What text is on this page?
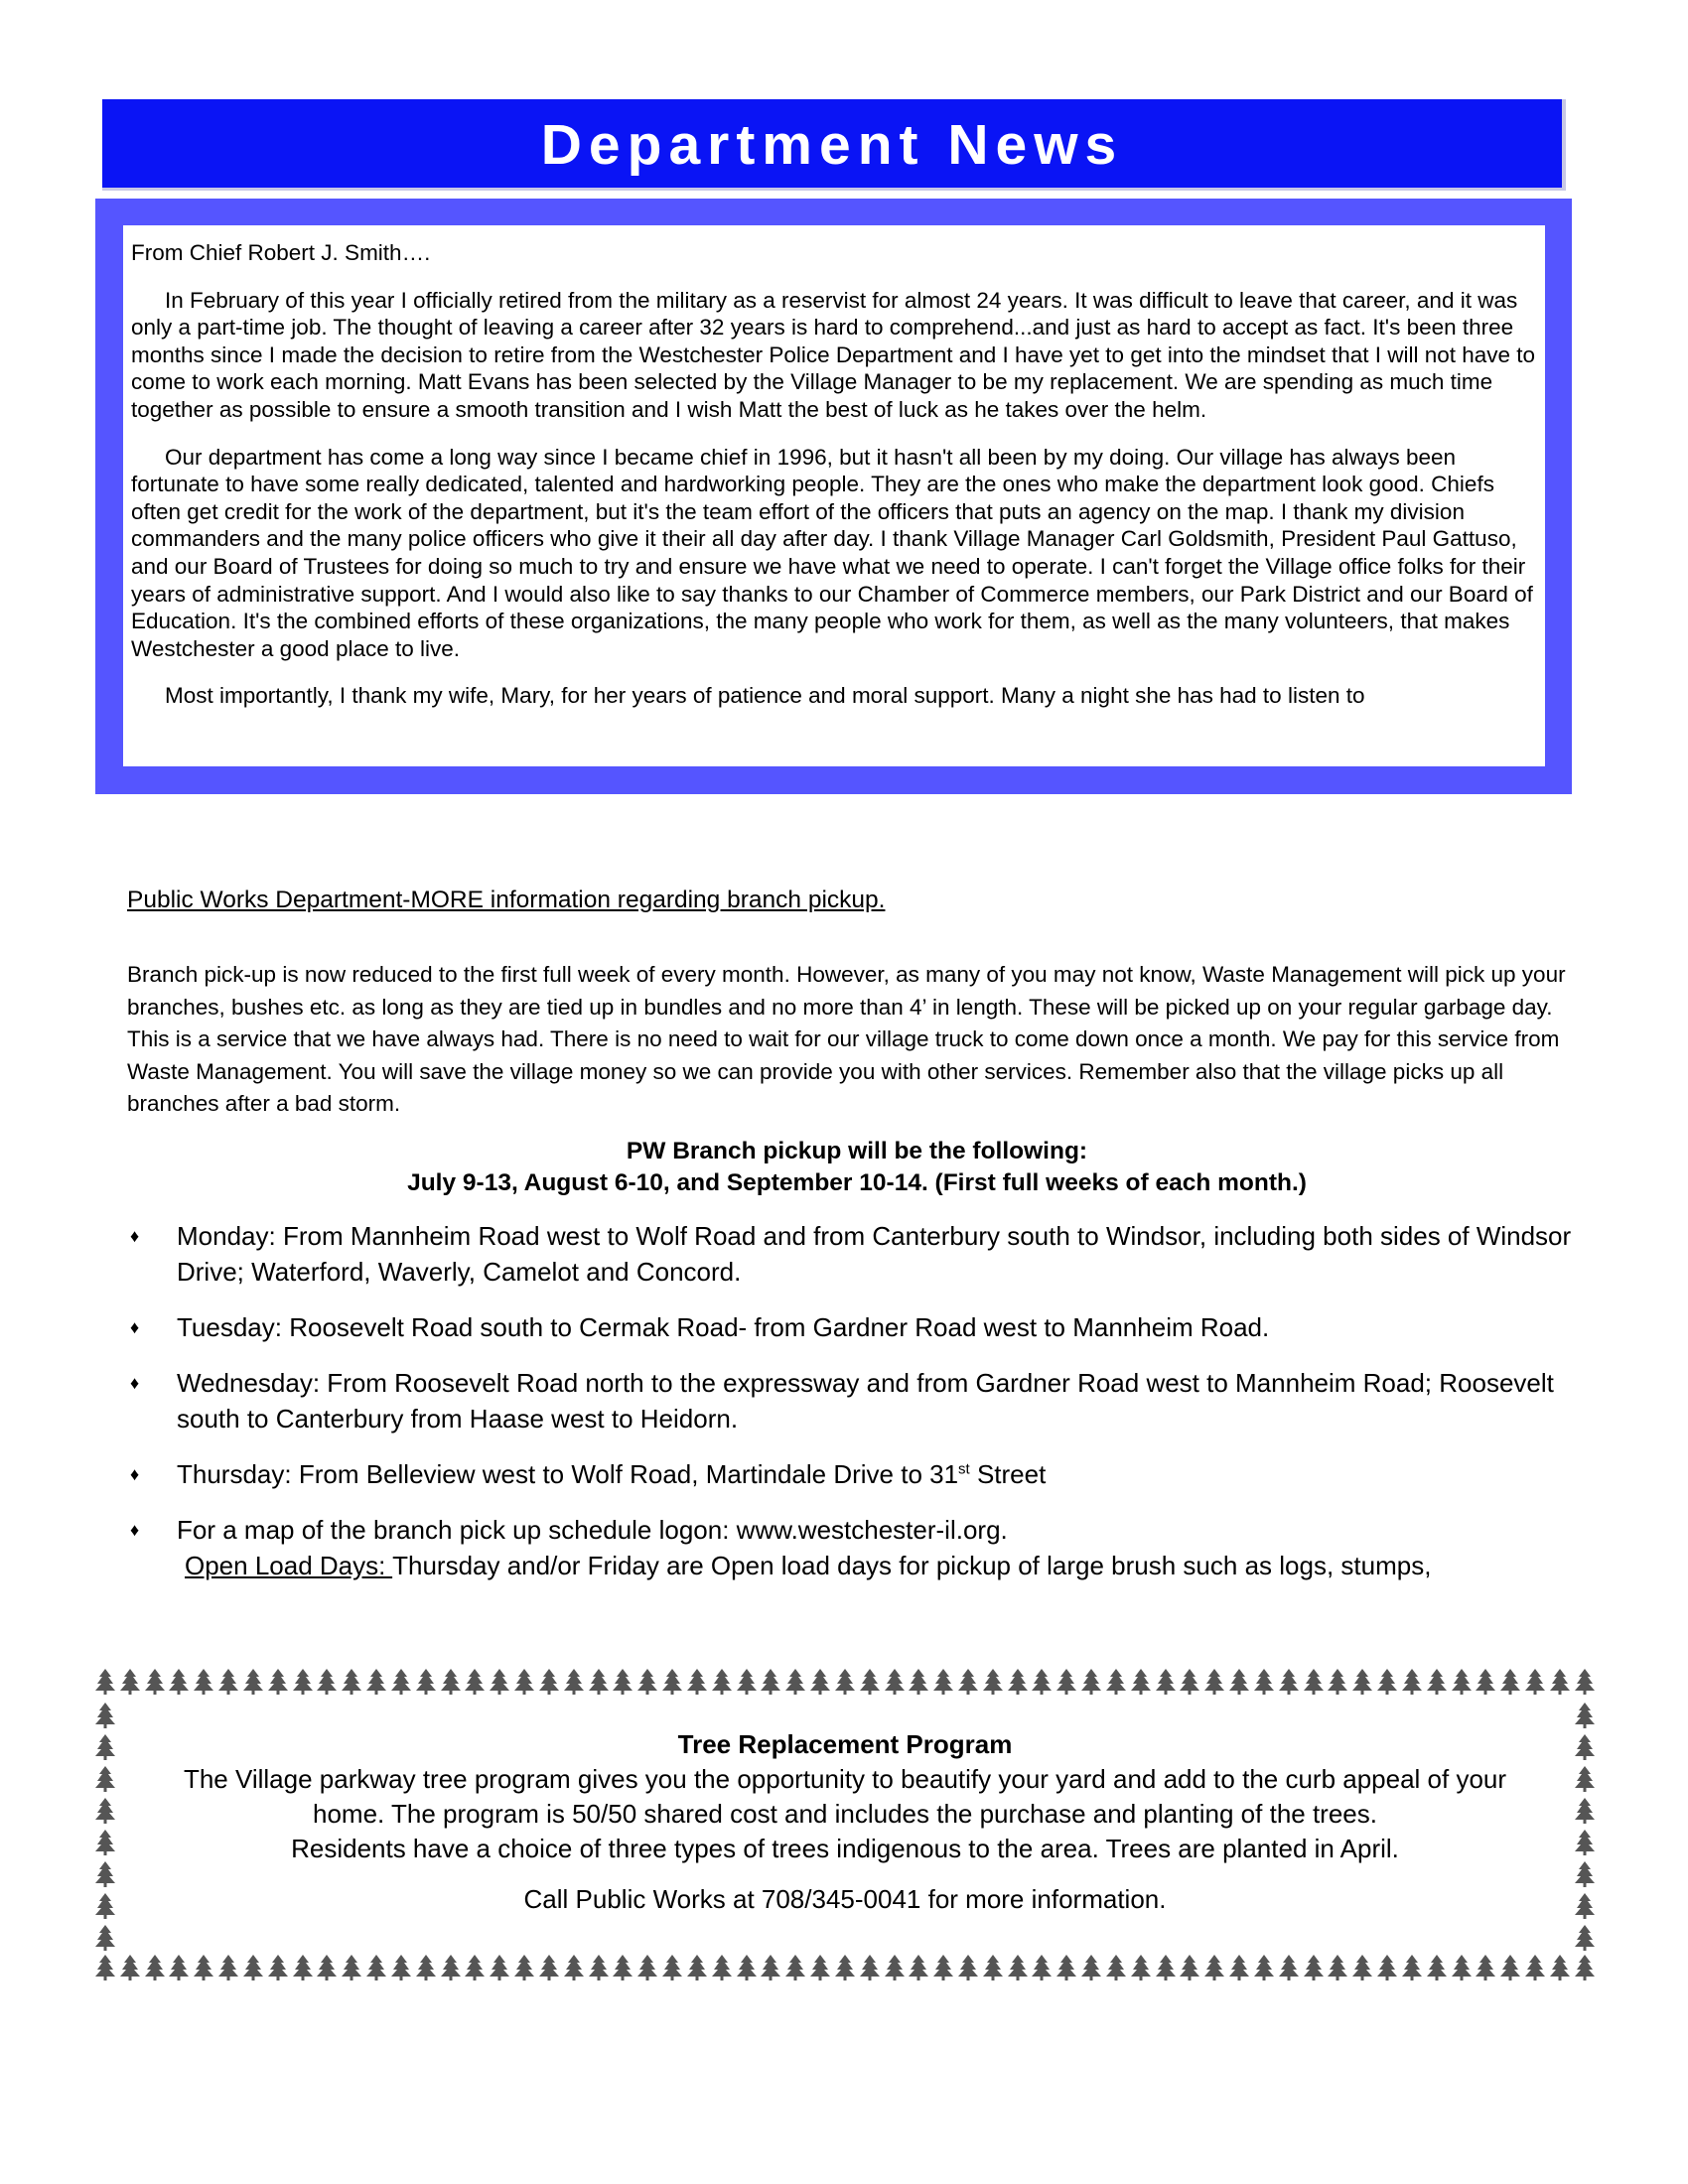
Department News

From Chief Robert J. Smith….

In February of this year I officially retired from the military as a reservist for almost 24 years. It was difficult to leave that career, and it was only a part-time job. The thought of leaving a career after 32 years is hard to comprehend...and just as hard to accept as fact. It's been three months since I made the decision to retire from the Westchester Police Department and I have yet to get into the mindset that I will not have to come to work each morning. Matt Evans has been selected by the Village Manager to be my replacement. We are spending as much time together as possible to ensure a smooth transition and I wish Matt the best of luck as he takes over the helm.

Our department has come a long way since I became chief in 1996, but it hasn't all been by my doing. Our village has always been fortunate to have some really dedicated, talented and hardworking people. They are the ones who make the department look good. Chiefs often get credit for the work of the department, but it's the team effort of the officers that puts an agency on the map. I thank my division commanders and the many police officers who give it their all day after day. I thank Village Manager Carl Goldsmith, President Paul Gattuso, and our Board of Trustees for doing so much to try and ensure we have what we need to operate. I can't forget the Village office folks for their years of administrative support. And I would also like to say thanks to our Chamber of Commerce members, our Park District and our Board of Education. It's the combined efforts of these organizations, the many people who work for them, as well as the many volunteers, that makes Westchester a good place to live.

Most importantly, I thank my wife, Mary, for her years of patience and moral support. Many a night she has had to listen to

Public Works Department-MORE information regarding branch pickup.

Branch pick-up is now reduced to the first full week of every month. However, as many of you may not know, Waste Management will pick up your branches, bushes etc. as long as they are tied up in bundles and no more than 4’ in length. These will be picked up on your regular garbage day. This is a service that we have always had. There is no need to wait for our village truck to come down once a month. We pay for this service from Waste Management. You will save the village money so we can provide you with other services. Remember also that the village picks up all branches after a bad storm.

PW Branch pickup will be the following:
July 9-13, August 6-10, and September 10-14. (First full weeks of each month.)
♦ Monday: From Mannheim Road west to Wolf Road and from Canterbury south to Windsor, including both sides of Windsor Drive; Waterford, Waverly, Camelot and Concord.
♦ Tuesday: Roosevelt Road south to Cermak Road- from Gardner Road west to Mannheim Road.
♦ Wednesday: From Roosevelt Road north to the expressway and from Gardner Road west to Mannheim Road; Roosevelt south to Canterbury from Haase west to Heidorn.
♦ Thursday: From Belleview west to Wolf Road, Martindale Drive to 31st Street
♦ For a map of the branch pick up schedule logon: www.westchester-il.org.
Open Load Days: Thursday and/or Friday are Open load days for pickup of large brush such as logs, stumps,
Tree Replacement Program
The Village parkway tree program gives you the opportunity to beautify your yard and add to the curb appeal of your
home. The program is 50/50 shared cost and includes the purchase and planting of the trees.
Residents have a choice of three types of trees indigenous to the area. Trees are planted in April.
Call Public Works at 708/345-0041 for more information.
